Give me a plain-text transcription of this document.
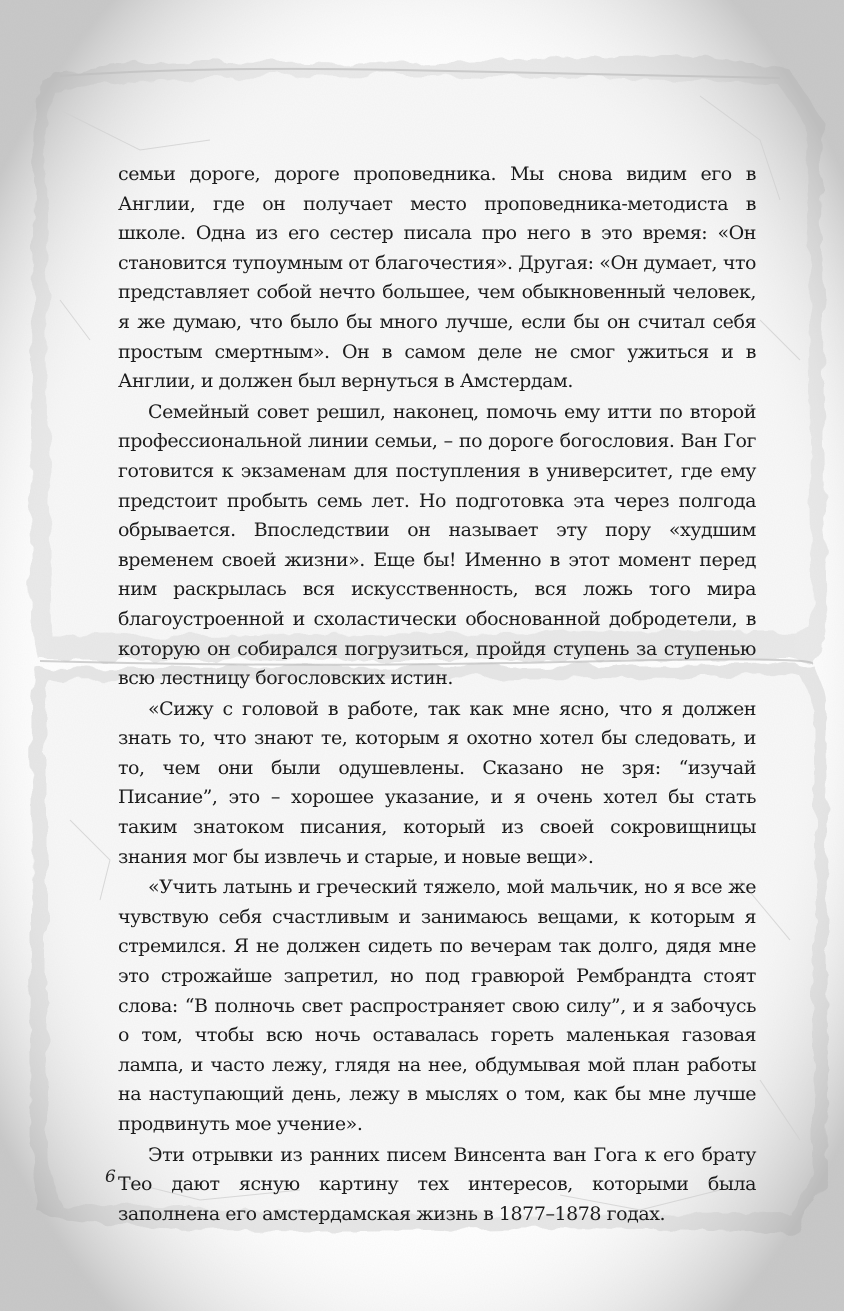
семьи дороге, дороге проповедника. Мы снова видим его в Англии, где он получает место проповедника-методиста в школе. Одна из его сестер писала про него в это время: «Он становится тупоумным от благочестия». Другая: «Он думает, что представляет собой нечто большее, чем обыкновенный человек, я же думаю, что было бы много лучше, если бы он считал себя простым смертным». Он в самом деле не смог ужиться и в Англии, и должен был вернуться в Амстердам.

Семейный совет решил, наконец, помочь ему итти по второй профессиональной линии семьи, – по дороге богословия. Ван Гог готовится к экзаменам для поступления в университет, где ему предстоит пробыть семь лет. Но подготовка эта через полгода обрывается. Впоследствии он называет эту пору «худшим временем своей жизни». Еще бы! Именно в этот момент перед ним раскрылась вся искусственность, вся ложь того мира благоустроенной и схоластически обоснованной добродетели, в которую он собирался погрузиться, пройдя ступень за ступенью всю лестницу богословских истин.

«Сижу с головой в работе, так как мне ясно, что я должен знать то, что знают те, которым я охотно хотел бы следовать, и то, чем они были одушевлены. Сказано не зря: “изучай Писание”, это – хорошее указание, и я очень хотел бы стать таким знатоком писания, который из своей сокровищницы знания мог бы извлечь и старые, и новые вещи».

«Учить латынь и греческий тяжело, мой мальчик, но я все же чувствую себя счастливым и занимаюсь вещами, к которым я стремился. Я не должен сидеть по вечерам так долго, дядя мне это строжайше запретил, но под гравюрой Рембрандта стоят слова: “В полночь свет распространяет свою силу”, и я забочусь о том, чтобы всю ночь оставалась гореть маленькая газовая лампа, и часто лежу, глядя на нее, обдумывая мой план работы на наступающий день, лежу в мыслях о том, как бы мне лучше продвинуть мое учение».

Эти отрывки из ранних писем Винсента ван Гога к его брату Тео дают ясную картину тех интересов, которыми была заполнена его амстердамская жизнь в 1877–1878 годах.

6
